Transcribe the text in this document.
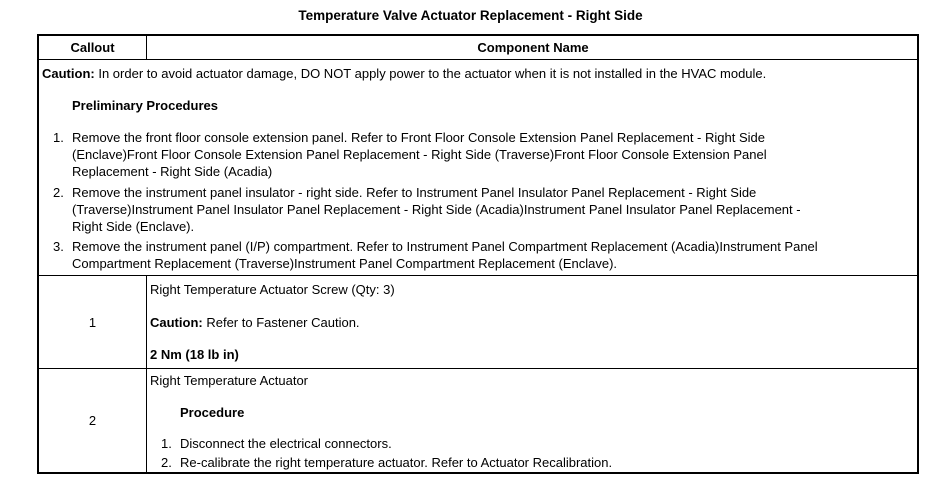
Temperature Valve Actuator Replacement - Right Side
Callout	Component Name
Caution: In order to avoid actuator damage, DO NOT apply power to the actuator when it is not installed in the HVAC module.
Preliminary Procedures
1. Remove the front floor console extension panel. Refer to Front Floor Console Extension Panel Replacement - Right Side
(Enclave)Front Floor Console Extension Panel Replacement - Right Side (Traverse)Front Floor Console Extension Panel
Replacement - Right Side (Acadia)
2. Remove the instrument panel insulator - right side. Refer to Instrument Panel Insulator Panel Replacement - Right Side
(Traverse)Instrument Panel Insulator Panel Replacement - Right Side (Acadia)Instrument Panel Insulator Panel Replacement -
Right Side (Enclave).
3. Remove the instrument panel (I/P) compartment. Refer to Instrument Panel Compartment Replacement (Acadia)Instrument Panel
Compartment Replacement (Traverse)Instrument Panel Compartment Replacement (Enclave).
1
Right Temperature Actuator Screw (Qty: 3)
Caution: Refer to Fastener Caution.
2 Nm (18 lb in)
2
Right Temperature Actuator
Procedure
1. Disconnect the electrical connectors.
2. Re-calibrate the right temperature actuator. Refer to Actuator Recalibration.
